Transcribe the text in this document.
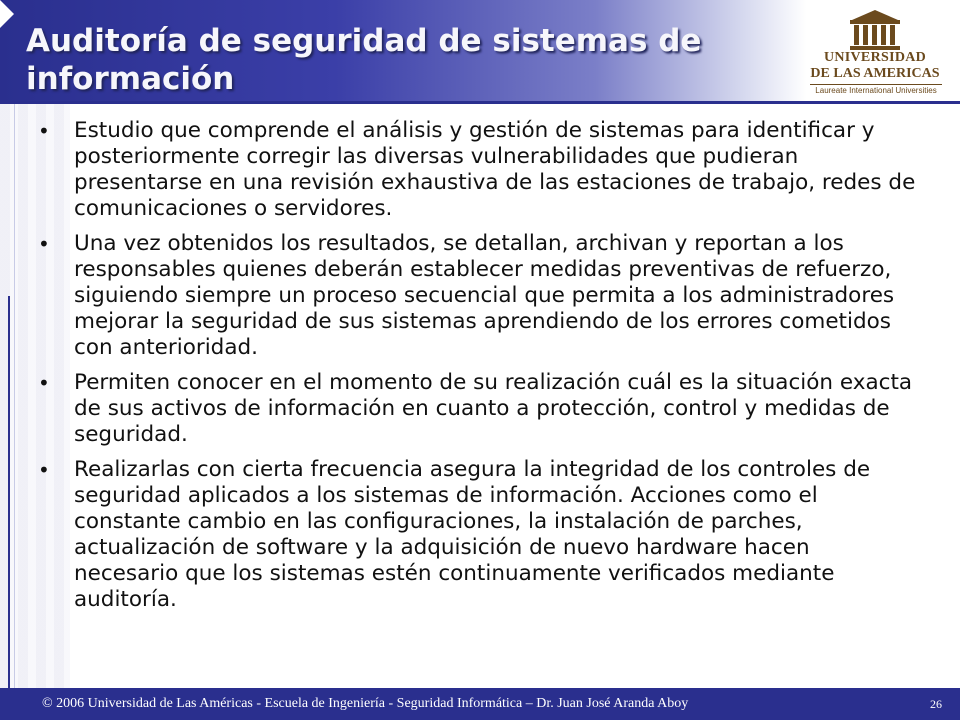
Auditoría de seguridad de sistemas de información
UNIVERSIDAD
DE LAS AMERICAS
Laureate International Universities

• Estudio que comprende el análisis y gestión de sistemas para identificar y posteriormente corregir las diversas vulnerabilidades que pudieran presentarse en una revisión exhaustiva de las estaciones de trabajo, redes de comunicaciones o servidores.

• Una vez obtenidos los resultados, se detallan, archivan y reportan a los responsables quienes deberán establecer medidas preventivas de refuerzo, siguiendo siempre un proceso secuencial que permita a los administradores mejorar la seguridad de sus sistemas aprendiendo de los errores cometidos con anterioridad.

• Permiten conocer en el momento de su realización cuál es la situación exacta de sus activos de información en cuanto a protección, control y medidas de seguridad.

• Realizarlas con cierta frecuencia asegura la integridad de los controles de seguridad aplicados a los sistemas de información. Acciones como el constante cambio en las configuraciones, la instalación de parches, actualización de software y la adquisición de nuevo hardware hacen necesario que los sistemas estén continuamente verificados mediante auditoría.

© 2006 Universidad de Las Américas - Escuela de Ingeniería - Seguridad Informática – Dr. Juan José Aranda Aboy	26
